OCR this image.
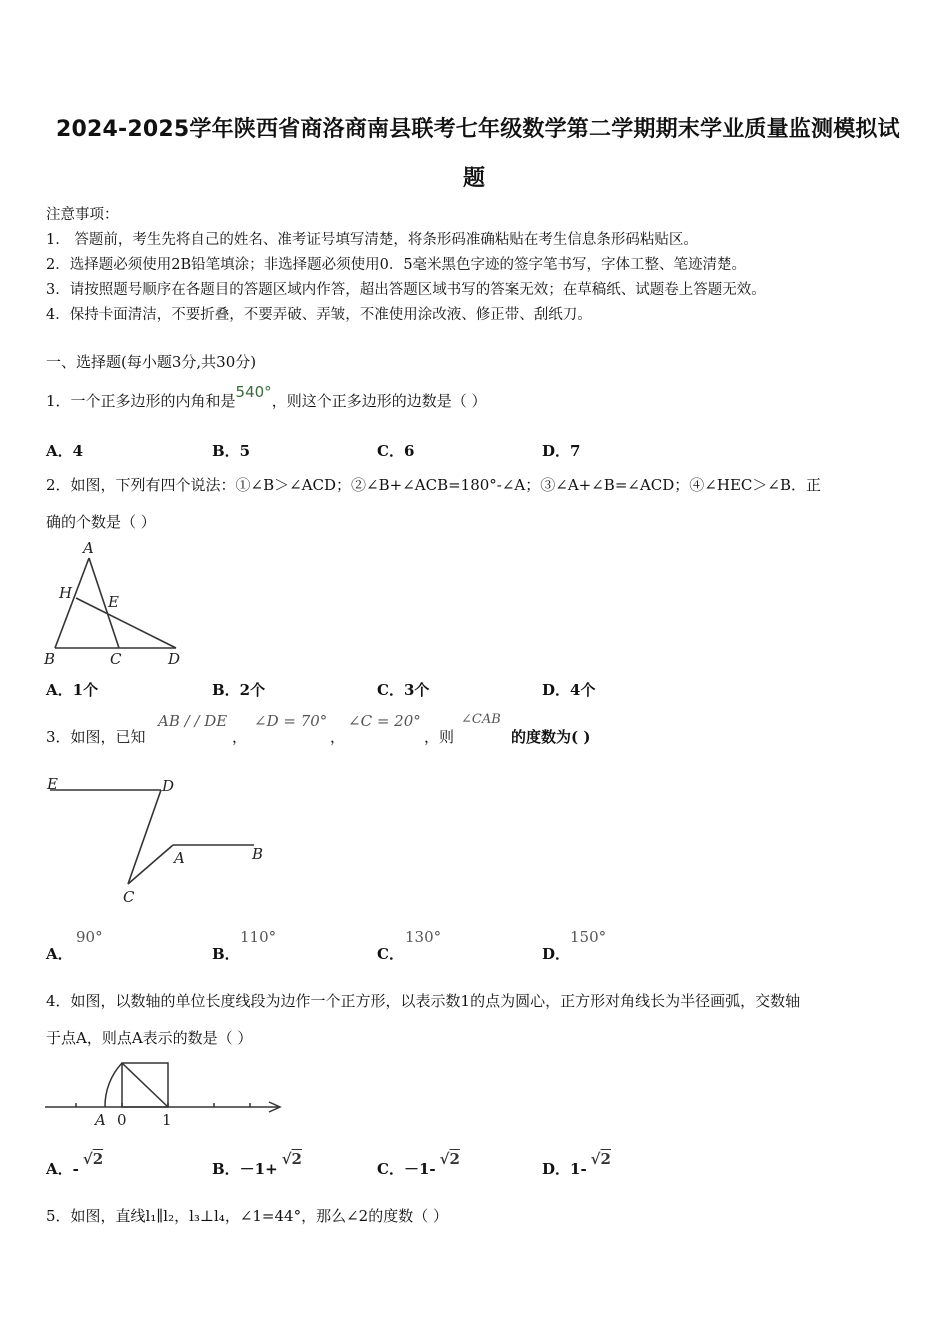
2024-2025学年陕西省商洛商南县联考七年级数学第二学期期末学业质量监测模拟试
题
注意事项：
1． 答题前，考生先将自己的姓名、准考证号填写清楚，将条形码准确粘贴在考生信息条形码粘贴区。
2．选择题必须使用2B铅笔填涂；非选择题必须使用0．5毫米黑色字迹的签字笔书写，字体工整、笔迹清楚。
3．请按照题号顺序在各题目的答题区域内作答，超出答题区域书写的答案无效；在草稿纸、试题卷上答题无效。
4．保持卡面清洁，不要折叠，不要弄破、弄皱，不准使用涂改液、修正带、刮纸刀。
一、选择题(每小题3分,共30分)
1．一个正多边形的内角和是540°，则这个正多边形的边数是（ ）
A．4	B．5	C．6	D．7
2．如图，下列有四个说法：①∠B＞∠ACD；②∠B+∠ACB=180°-∠A；③∠A+∠B=∠ACD；④∠HEC＞∠B．正
确的个数是（ ）
A
H E
B	C	D
A．1个	B．2个	C．3个	D．4个
3．如图，已知
AB / / DE
，
∠D = 70°
，
∠C = 20°
，则
∠CAB
的度数为( )
E	D
A	B
C
A．
90°
B．
110°
C．
130°
D．
150°
4．如图，以数轴的单位长度线段为边作一个正方形，以表示数1的点为圆心，正方形对角线长为半径画弧，交数轴
于点A，则点A表示的数是（ ）
A 0 1
A．-√2
B．－1+√2
C．－1-√2
D．1-√2
5．如图，直线l₁∥l₂，l₃⊥l₄，∠1=44°，那么∠2的度数（ ）
